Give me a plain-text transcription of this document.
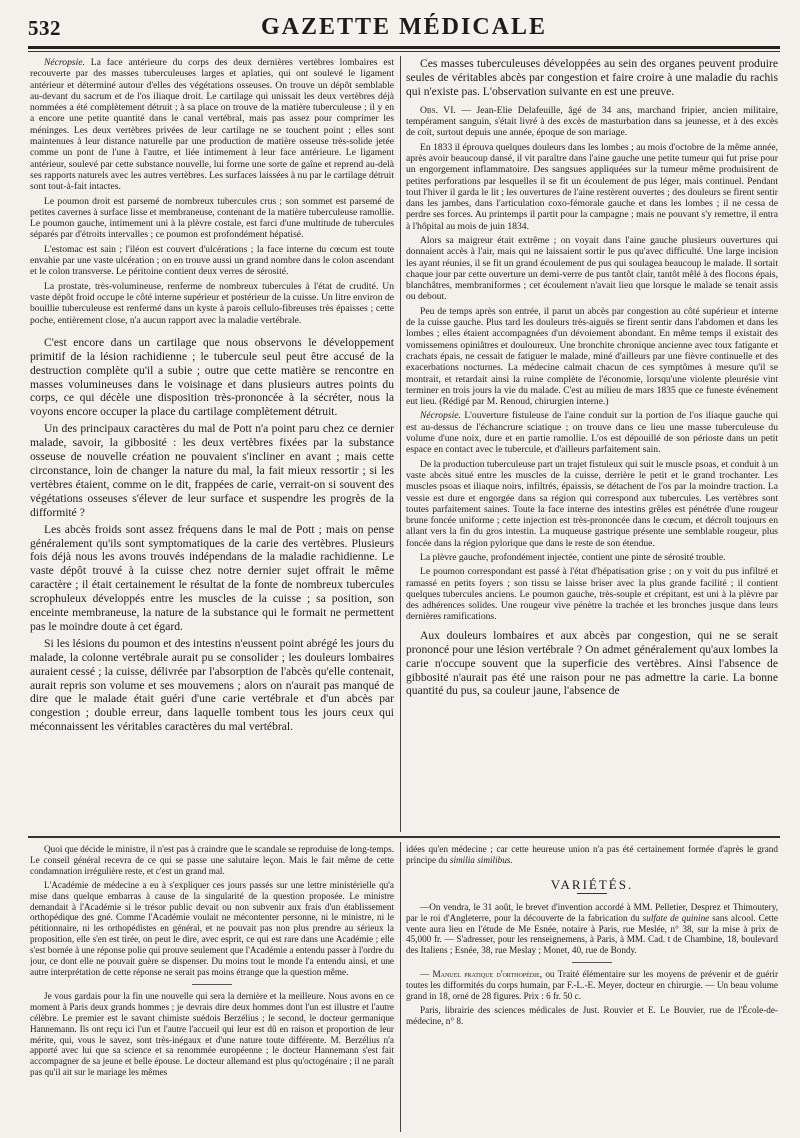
532	GAZETTE MÉDICALE

Nécropsie. La face antérieure du corps des deux dernières vertèbres lombaires est recouverte par des masses tuberculeuses larges et aplaties, qui ont soulevé le ligament antérieur et déterminé autour d'elles des végétations osseuses. On trouve un dépôt semblable au-devant du sacrum et de l'os iliaque droit. Le cartilage qui unissait les deux vertèbres déjà nommées a été complètement détruit ; à sa place on trouve de la matière tuberculeuse ; il y en a encore une petite quantité dans le canal vertébral, mais pas assez pour comprimer les méninges. Les deux vertèbres privées de leur cartilage ne se touchent point ; elles sont maintenues à leur distance naturelle par une production de matière osseuse très-solide jetée comme un pont de l'une à l'autre, et liée intimement à leur face antérieure. Le ligament antérieur, soulevé par cette substance nouvelle, lui forme une sorte de gaîne et reprend au-delà ses rapports naturels avec les autres vertèbres. Les surfaces laissées à nu par le cartilage détruit sont tout-à-fait intactes.

Le poumon droit est parsemé de nombreux tubercules crus ; son sommet est parsemé de petites cavernes à surface lisse et membraneuse, contenant de la matière tuberculeuse ramollie. Le poumon gauche, intimement uni à la plèvre costale, est farci d'une multitude de tubercules séparés par d'étroits intervalles ; ce poumon est profondément hépatisé.

L'estomac est sain ; l'iléon est couvert d'ulcérations ; la face interne du cœcum est toute envahie par une vaste ulcération ; on en trouve aussi un grand nombre dans le colon ascendant et le colon transverse. Le péritoine contient deux verres de sérosité.

La prostate, très-volumineuse, renferme de nombreux tubercules à l'état de crudité. Un vaste dépôt froid occupe le côté interne supérieur et postérieur de la cuisse. Un litre environ de bouillie tuberculeuse est renfermé dans un kyste à parois cellulo-fibreuses très épaisses ; cette poche, entièrement close, n'a aucun rapport avec la maladie vertébrale.

C'est encore dans un cartilage que nous observons le développement primitif de la lésion rachidienne ; le tubercule seul peut être accusé de la destruction complète qu'il a subie ; outre que cette matière se rencontre en masses volumineuses dans le voisinage et dans plusieurs autres points du corps, ce qui décèle une disposition très-prononcée à la sécréter, nous la voyons encore occuper la place du cartilage complètement détruit.

Un des principaux caractères du mal de Pott n'a point paru chez ce dernier malade, savoir, la gibbosité : les deux vertèbres fixées par la substance osseuse de nouvelle création ne pouvaient s'incliner en avant ; mais cette circonstance, loin de changer la nature du mal, la fait mieux ressortir ; si les vertèbres étaient, comme on le dit, frappées de carie, verrait-on si souvent des végétations osseuses s'élever de leur surface et suspendre les progrès de la difformité ?

Les abcès froids sont assez fréquens dans le mal de Pott ; mais on pense généralement qu'ils sont symptomatiques de la carie des vertèbres. Plusieurs fois déjà nous les avons trouvés indépendans de la maladie rachidienne. Le vaste dépôt trouvé à la cuisse chez notre dernier sujet offrait le même caractère ; il était certainement le résultat de la fonte de nombreux tubercules scrophuleux développés entre les muscles de la cuisse ; sa position, son enceinte membraneuse, la nature de la substance qui le formait ne permettent pas le moindre doute à cet égard.

Si les lésions du poumon et des intestins n'eussent point abrégé les jours du malade, la colonne vertébrale aurait pu se consolider ; les douleurs lombaires auraient cessé ; la cuisse, délivrée par l'absorption de l'abcès qu'elle contenait, aurait repris son volume et ses mouvemens ; alors on n'aurait pas manqué de dire que le malade était guéri d'une carie vertébrale et d'un abcès par congestion ; double erreur, dans laquelle tombent tous les jours ceux qui méconnaissent les véritables caractères du mal vertébral.

Ces masses tuberculeuses développées au sein des organes peuvent produire seules de véritables abcès par congestion et faire croire à une maladie du rachis qui n'existe pas. L'observation suivante en est une preuve.

Obs. VI. — Jean-Elie Delafeuille, âgé de 34 ans, marchand fripier, ancien militaire, tempérament sanguin, s'était livré à des excès de masturbation dans sa jeunesse, et à des excès de coït, surtout depuis une année, époque de son mariage.

En 1833 il éprouva quelques douleurs dans les lombes ; au mois d'octobre de la même année, après avoir beaucoup dansé, il vit paraître dans l'aine gauche une petite tumeur qui fut prise pour un engorgement inflammatoire. Des sangsues appliquées sur la tumeur même produisirent de petites perforations par lesquelles il se fit un écoulement de pus léger, mais continuel. Pendant tout l'hiver il garda le lit ; les ouvertures de l'aine restèrent ouvertes ; des douleurs se firent sentir dans les jambes, dans l'articulation coxo-fémorale gauche et dans les lombes ; il ne cessa de perdre ses forces. Au printemps il partit pour la campagne ; mais ne pouvant s'y remettre, il entra à l'hôpital au mois de juin 1834.

Alors sa maigreur était extrême ; on voyait dans l'aine gauche plusieurs ouvertures qui donnaient accès à l'air, mais qui ne laissaient sortir le pus qu'avec difficulté. Une large incision les ayant réunies, il se fit un grand écoulement de pus qui soulagea beaucoup le malade. Il sortait chaque jour par cette ouverture un demi-verre de pus tantôt clair, tantôt mêlé à des flocons épais, blanchâtres, membraniformes ; cet écoulement n'avait lieu que lorsque le malade se tenait assis ou debout.

Peu de temps après son entrée, il parut un abcès par congestion au côté supérieur et interne de la cuisse gauche. Plus tard les douleurs très-aiguës se firent sentir dans l'abdomen et dans les lombes ; elles étaient accompagnées d'un dévoiement abondant. En même temps il existait des vomissemens opiniâtres et douloureux. Une bronchite chronique ancienne avec toux fatigante et crachats épais, ne cessait de fatiguer le malade, miné d'ailleurs par une fièvre continuelle et des exacerbations nocturnes. La médecine calmait chacun de ces symptômes à mesure qu'il se montrait, et retardait ainsi la ruine complète de l'économie, lorsqu'une violente pleurésie vint terminer en trois jours la vie du malade. C'est au milieu de mars 1835 que ce funeste événement eut lieu. (Rédigé par M. Renoud, chirurgien interne.)

Nécropsie. L'ouverture fistuleuse de l'aine conduit sur la portion de l'os iliaque gauche qui est au-dessus de l'échancrure sciatique ; on trouve dans ce lieu une masse tuberculeuse du volume d'une noix, dure et en partie ramollie. L'os est dépouillé de son périoste dans un petit espace en contact avec le tubercule, et d'ailleurs parfaitement sain.

De la production tuberculeuse part un trajet fistuleux qui suit le muscle psoas, et conduit à un vaste abcès situé entre les muscles de la cuisse, derrière le petit et le grand trochanter. Les muscles psoas et iliaque noirs, infiltrés, épaissis, se détachent de l'os par la moindre traction. La vessie est dure et engorgée dans sa région qui correspond aux tubercules. Les vertèbres sont toutes parfaitement saines. Toute la face interne des intestins grêles est pénétrée d'une rougeur brune foncée uniforme ; cette injection est très-prononcée dans le cœcum, et décroît toujours en allant vers la fin du gros intestin. La muqueuse gastrique présente une semblable rougeur, plus foncée dans la région pylorique que dans le reste de son étendue.

La plèvre gauche, profondément injectée, contient une pinte de sérosité trouble.

Le poumon correspondant est passé à l'état d'hépatisation grise ; on y voit du pus infiltré et ramassé en petits foyers ; son tissu se laisse briser avec la plus grande facilité ; il contient quelques tubercules anciens. Le poumon gauche, très-souple et crépitant, est uni à la plèvre par des adhérences solides. Une rougeur vive pénètre la trachée et les bronches jusque dans leurs dernières ramifications.

Aux douleurs lombaires et aux abcès par congestion, qui ne se serait prononcé pour une lésion vertébrale ? On admet généralement qu'aux lombes la carie n'occupe souvent que la superficie des vertèbres. Ainsi l'absence de gibbosité n'aurait pas été une raison pour ne pas admettre la carie. La bonne quantité du pus, sa couleur jaune, l'absence de

Quoi que décide le ministre, il n'est pas à craindre que le scandale se reproduise de long-temps. Le conseil général recevra de ce qui se passe une salutaire leçon. Mais le fait même de cette condamnation irrégulière reste, et c'est un grand mal.

L'Académie de médecine a eu à s'expliquer ces jours passés sur une lettre ministérielle qu'a mise dans quelque embarras à cause de la singularité de la question proposée. Le ministre demandait à l'Académie si le trésor public devait ou non subvenir aux frais d'un établissement orthopédique des gné. Comme l'Académie voulait ne mécontenter personne, ni le ministre, ni le pétitionnaire, ni les orthopédistes en général, et ne pouvait pas non plus prendre au sérieux la proposition, elle s'en est tirée, on peut le dire, avec esprit, ce qui est rare dans une Académie ; elle s'est bornée à une réponse polie qui prouve seulement que l'Académie a entendu passer à l'ordre du jour, ce dont elle ne pouvait guère se dispenser. Du moins tout le monde l'a entendu ainsi, et une autre interprétation de cette réponse ne serait pas moins étrange que la question même.

Je vous gardais pour la fin une nouvelle qui sera la dernière et la meilleure. Nous avons en ce moment à Paris deux grands hommes ; je devrais dire deux hommes dont l'un est illustre et l'autre célèbre. Le premier est le savant chimiste suédois Berzélius ; le second, le docteur germanique Hannemann. Ils ont reçu ici l'un et l'autre l'accueil qui leur est dû en raison et proportion de leur mérite, qui, vous le savez, sont très-inégaux et d'une nature toute différente. M. Berzélius n'a apporté avec lui que sa science et sa renommée européenne ; le docteur Hannemann s'est fait accompagner de sa jeune et belle épouse. Le docteur allemand est plus qu'octogénaire ; il ne paraît pas qu'il ait sur le mariage les mêmes

idées qu'en médecine ; car cette heureuse union n'a pas été certainement formée d'après le grand principe du similia similibus.

VARIÉTÉS.

—On vendra, le 31 août, le brevet d'invention accordé à MM. Pelletier, Desprez et Thimoutery, par le roi d'Angleterre, pour la découverte de la fabrication du sulfate de quinine sans alcool. Cette vente aura lieu en l'étude de Me Esnée, notaire à Paris, rue Meslée, n° 38, sur la mise à prix de 45,000 fr. — S'adresser, pour les renseignemens, à Paris, à MM. Cad. t de Chambine, 18, boulevard des Italiens ; Esnée, 38, rue Meslay ; Monet, 40, rue de Bondy.

— Manuel pratique d'orthopédie, ou Traité élémentaire sur les moyens de prévenir et de guérir toutes les difformités du corps humain, par F.-L.-E. Meyer, docteur en chirurgie. — Un beau volume grand in 18, orné de 28 figures. Prix : 6 fr. 50 c.

Paris, librairie des sciences médicales de Just. Rouvier et E. Le Bouvier, rue de l'École-de-médecine, n° 8.
